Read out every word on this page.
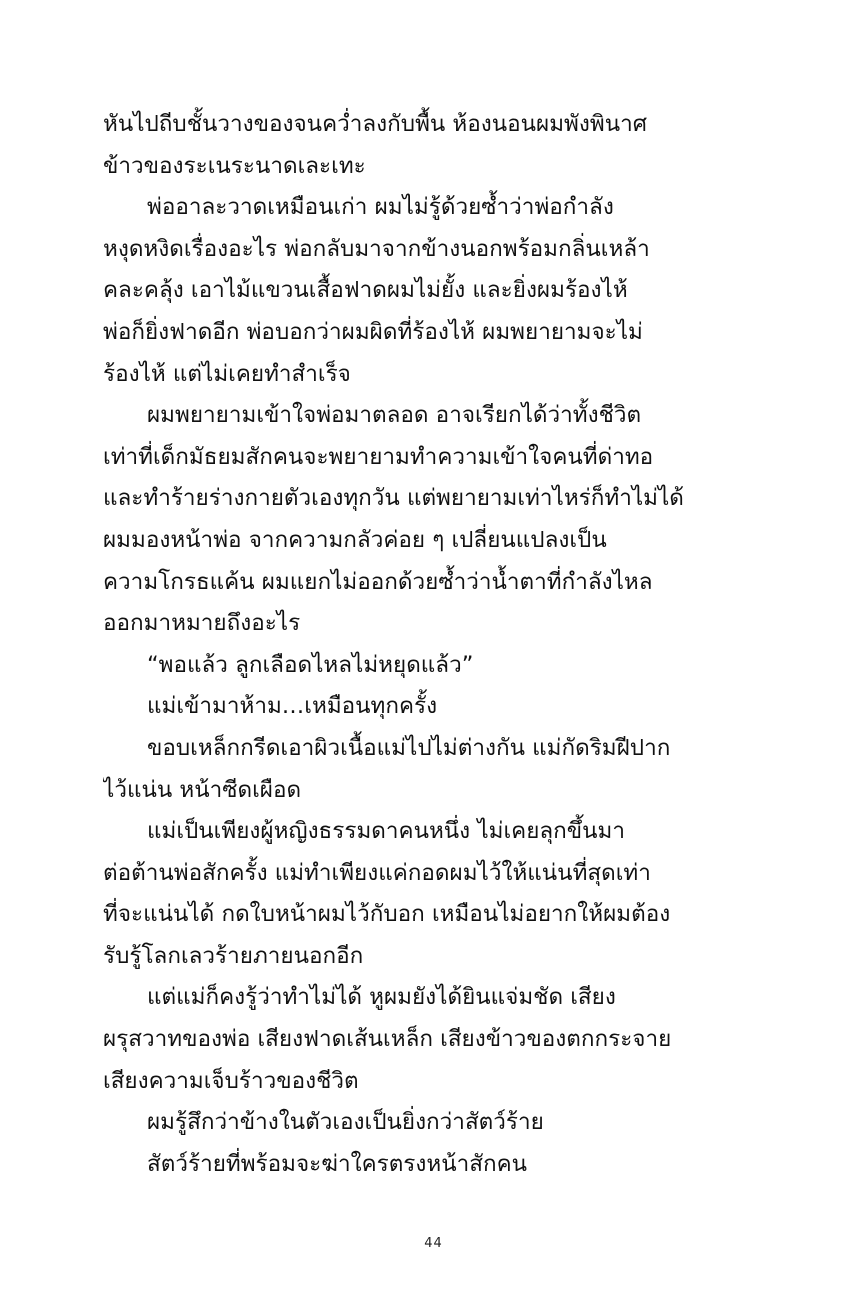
หันไปถีบชั้นวางของจนคว่ำลงกับพื้น ห้องนอนผมพังพินาศ
ข้าวของระเนระนาดเละเทะ
พ่ออาละวาดเหมือนเก่า ผมไม่รู้ด้วยซ้ำว่าพ่อกำลัง
หงุดหงิดเรื่องอะไร พ่อกลับมาจากข้างนอกพร้อมกลิ่นเหล้า
คละคลุ้ง เอาไม้แขวนเสื้อฟาดผมไม่ยั้ง และยิ่งผมร้องไห้
พ่อก็ยิ่งฟาดอีก พ่อบอกว่าผมผิดที่ร้องไห้ ผมพยายามจะไม่
ร้องไห้ แต่ไม่เคยทำสำเร็จ
ผมพยายามเข้าใจพ่อมาตลอด อาจเรียกได้ว่าทั้งชีวิต
เท่าที่เด็กมัธยมสักคนจะพยายามทำความเข้าใจคนที่ด่าทอ
และทำร้ายร่างกายตัวเองทุกวัน แต่พยายามเท่าไหร่ก็ทำไม่ได้
ผมมองหน้าพ่อ จากความกลัวค่อย ๆ เปลี่ยนแปลงเป็น
ความโกรธแค้น ผมแยกไม่ออกด้วยซ้ำว่าน้ำตาที่กำลังไหล
ออกมาหมายถึงอะไร
“พอแล้ว ลูกเลือดไหลไม่หยุดแล้ว”
แม่เข้ามาห้าม…เหมือนทุกครั้ง
ขอบเหล็กกรีดเอาผิวเนื้อแม่ไปไม่ต่างกัน แม่กัดริมฝีปาก
ไว้แน่น หน้าซีดเผือด
แม่เป็นเพียงผู้หญิงธรรมดาคนหนึ่ง ไม่เคยลุกขึ้นมา
ต่อต้านพ่อสักครั้ง แม่ทำเพียงแค่กอดผมไว้ให้แน่นที่สุดเท่า
ที่จะแน่นได้ กดใบหน้าผมไว้กับอก เหมือนไม่อยากให้ผมต้อง
รับรู้โลกเลวร้ายภายนอกอีก
แต่แม่ก็คงรู้ว่าทำไม่ได้ หูผมยังได้ยินแจ่มชัด เสียง
ผรุสวาทของพ่อ เสียงฟาดเส้นเหล็ก เสียงข้าวของตกกระจาย
เสียงความเจ็บร้าวของชีวิต
ผมรู้สึกว่าข้างในตัวเองเป็นยิ่งกว่าสัตว์ร้าย
สัตว์ร้ายที่พร้อมจะฆ่าใครตรงหน้าสักคน
44
